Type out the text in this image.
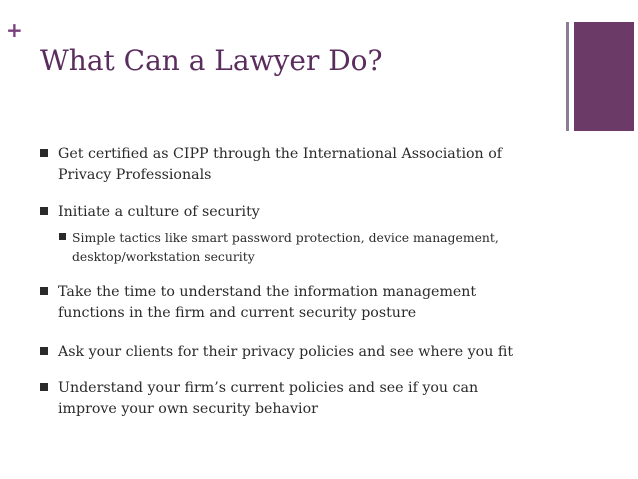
+
What Can a Lawyer Do?
Get certified as CIPP through the International Association of Privacy Professionals
Initiate a culture of security
Simple tactics like smart password protection, device management, desktop/workstation security
Take the time to understand the information management functions in the firm and current security posture
Ask your clients for their privacy policies and see where you fit
Understand your firm’s current policies and see if you can improve your own security behavior
